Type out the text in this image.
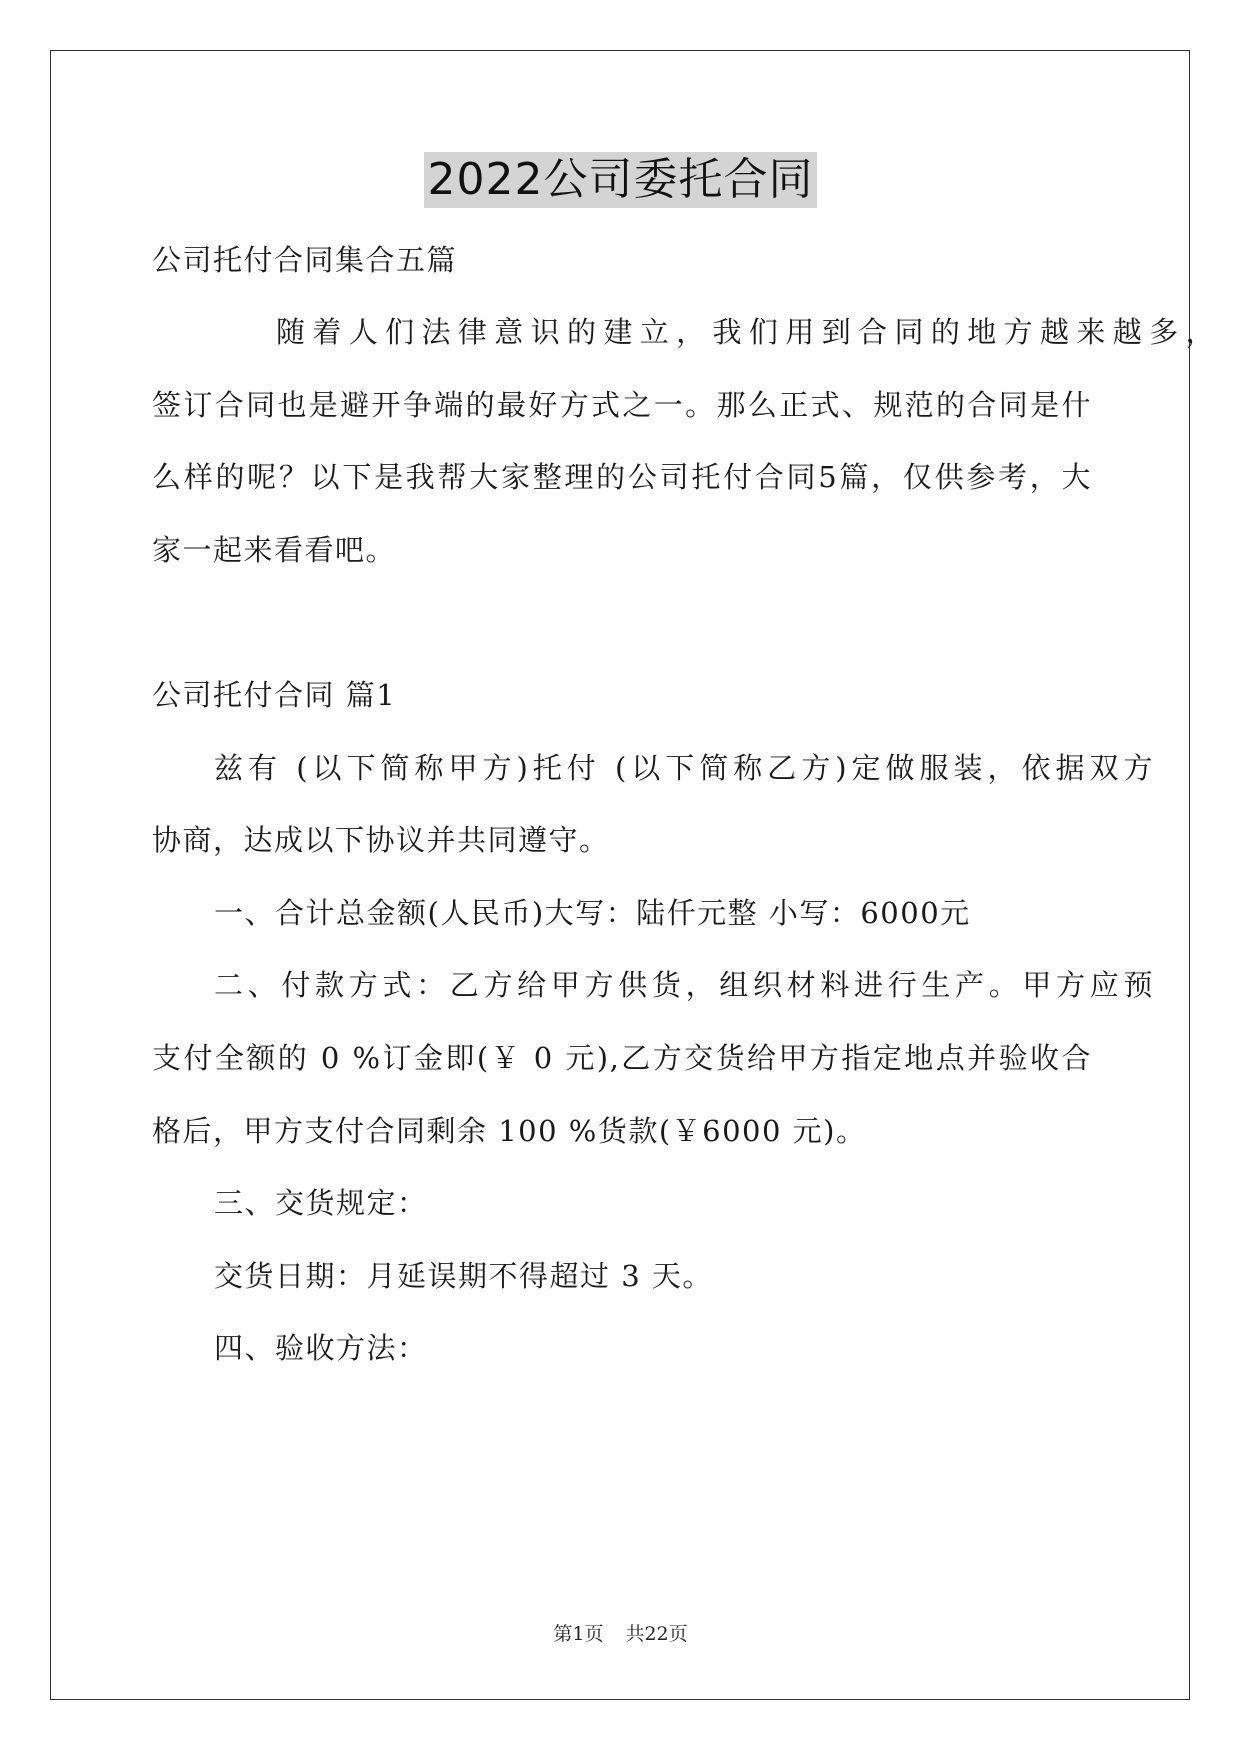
2022公司委托合同
公司托付合同集合五篇
随着人们法律意识的建立，我们用到合同的地方越来越多，
签订合同也是避开争端的最好方式之一。那么正式、规范的合同是什
么样的呢？以下是我帮大家整理的公司托付合同5篇，仅供参考，大
家一起来看看吧。
公司托付合同 篇1
兹有 (以下简称甲方)托付 (以下简称乙方)定做服装，依据双方
协商，达成以下协议并共同遵守。
一、合计总金额(人民币)大写：陆仟元整 小写：6000元
二、付款方式：乙方给甲方供货，组织材料进行生产。甲方应预
支付全额的 0 %订金即(￥ 0 元),乙方交货给甲方指定地点并验收合
格后，甲方支付合同剩余 100 %货款(￥6000 元)。
三、交货规定：
交货日期：月延误期不得超过 3 天。
四、验收方法：
第1页 共22页
